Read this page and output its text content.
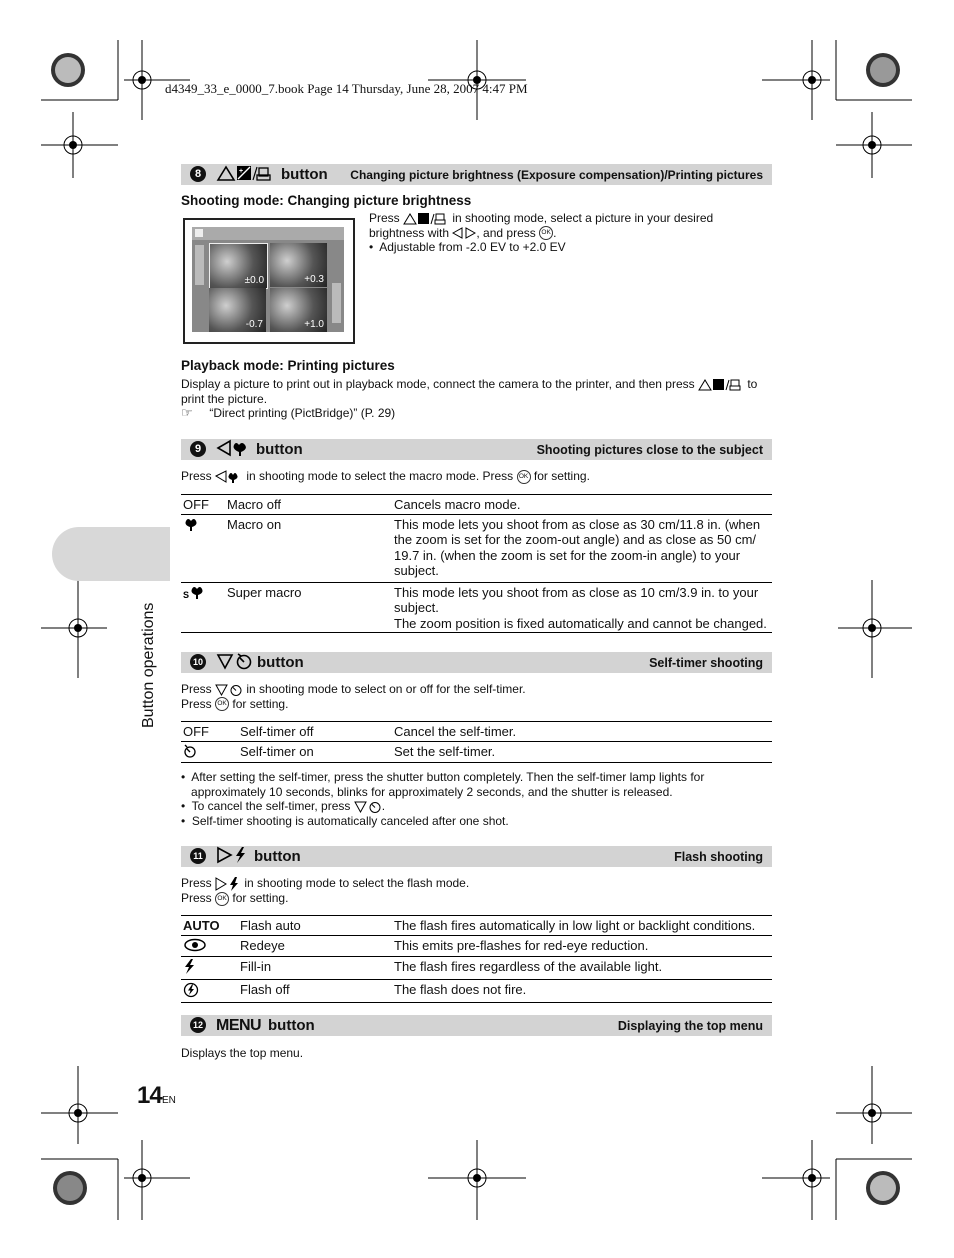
d4349_33_e_0000_7.book Page 14 Thursday, June 28, 2007 4:47 PM
Button operations
8	+	button Changing picture brightness (Exposure compensation)/Printing pictures
Shooting mode: Changing picture brightness
±0.0	+0.3
-0.7	+1.0
Press	in shooting mode, select a picture in your desired
brightness with , and press OK .
•  Adjustable from -2.0 EV to +2.0 EV
Playback mode: Printing pictures
Display a picture to print out in playback mode, connect the camera to the printer, and then press	to
print the picture.
☞ “Direct printing (PictBridge)” (P. 29)
9	button	Shooting pictures close to the subject
Press	in shooting mode to select the macro mode. Press OK for setting.
OFF	Macro off	Cancels macro mode.
	Macro on	This mode lets you shoot from as close as 30 cm/11.8 in. (when the zoom is set for the zoom-out angle) and as close as 50 cm/ 19.7 in. (when the zoom is set for the zoom-in angle) to your subject.

S	Super macro	This mode lets you shoot from as close as 10 cm/3.9 in. to your subject.
The zoom position is fixed automatically and cannot be changed.
10	button	Self-timer shooting
Press	in shooting mode to select on or off for the self-timer.
Press OK for setting.
OFF	Self-timer off	Cancel the self-timer.
	Self-timer on	Set the self-timer.
•  After setting the self-timer, press the shutter button completely. Then the self-timer lamp lights for
approximately 10 seconds, blinks for approximately 2 seconds, and the shutter is released.
•  To cancel the self-timer, press	.
•  Self-timer shooting is automatically canceled after one shot.
11	button	Flash shooting
Press	in shooting mode to select the flash mode.
Press OK for setting.
AUTO	Flash auto	The flash fires automatically in low light or backlight conditions.
	Redeye	This emits pre-flashes for red-eye reduction.
	Fill-in	The flash fires regardless of the available light.
	Flash off	The flash does not fire.
12 MENU button	Displaying the top menu
Displays the top menu.
14 EN
